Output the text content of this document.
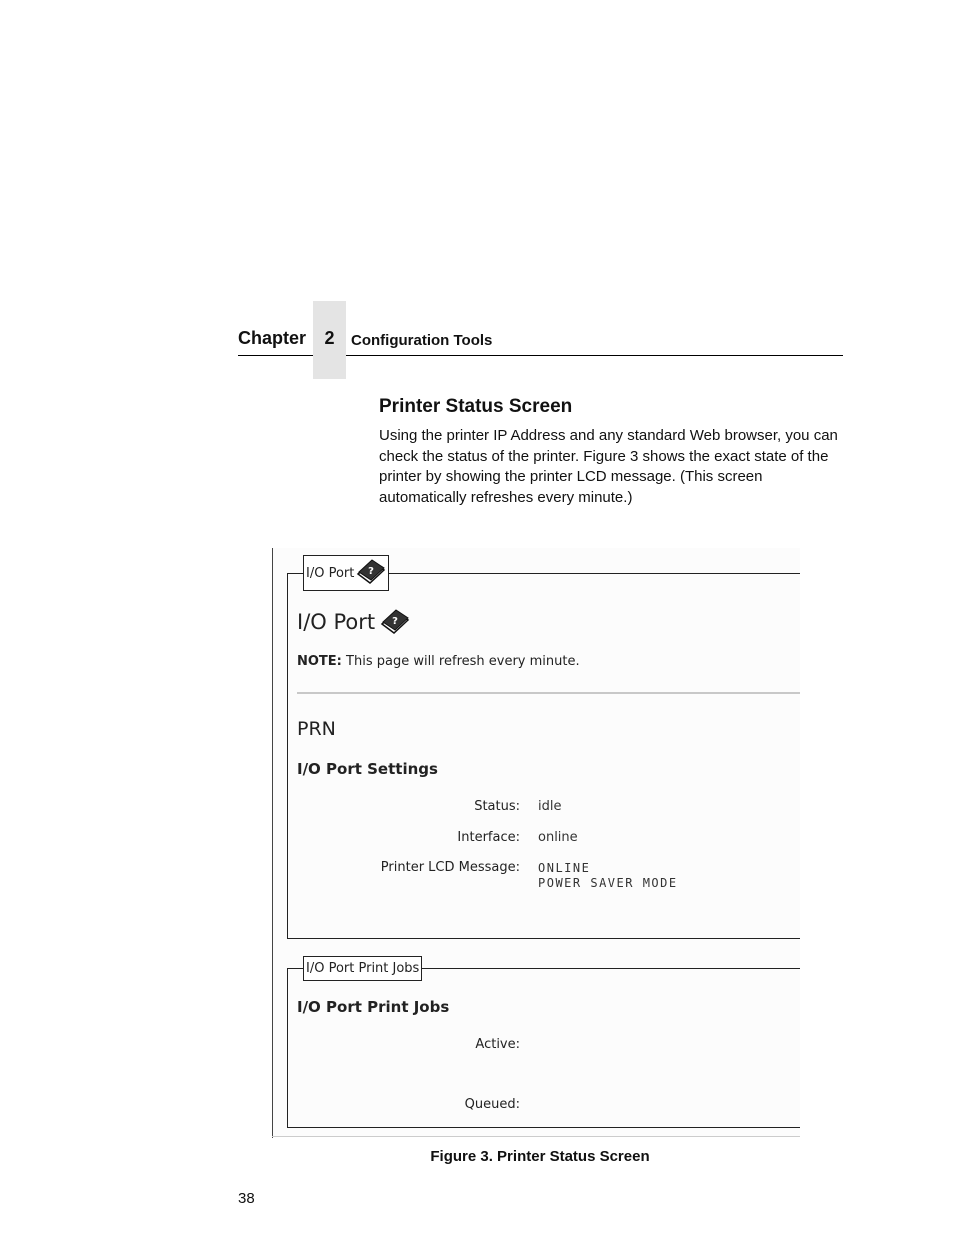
Chapter	2	Configuration Tools
Printer Status Screen
Using the printer IP Address and any standard Web browser, you can check the status of the printer. Figure 3 shows the exact state of the printer by showing the printer LCD message. (This screen automatically refreshes every minute.)
I/O Port ?
I/O Port ?
NOTE: This page will refresh every minute.
PRN
I/O Port Settings
Status: idle
Interface: online
Printer LCD Message: ONLINE
POWER SAVER MODE
I/O Port Print Jobs
I/O Port Print Jobs
Active:
Queued:
Figure 3. Printer Status Screen
38
